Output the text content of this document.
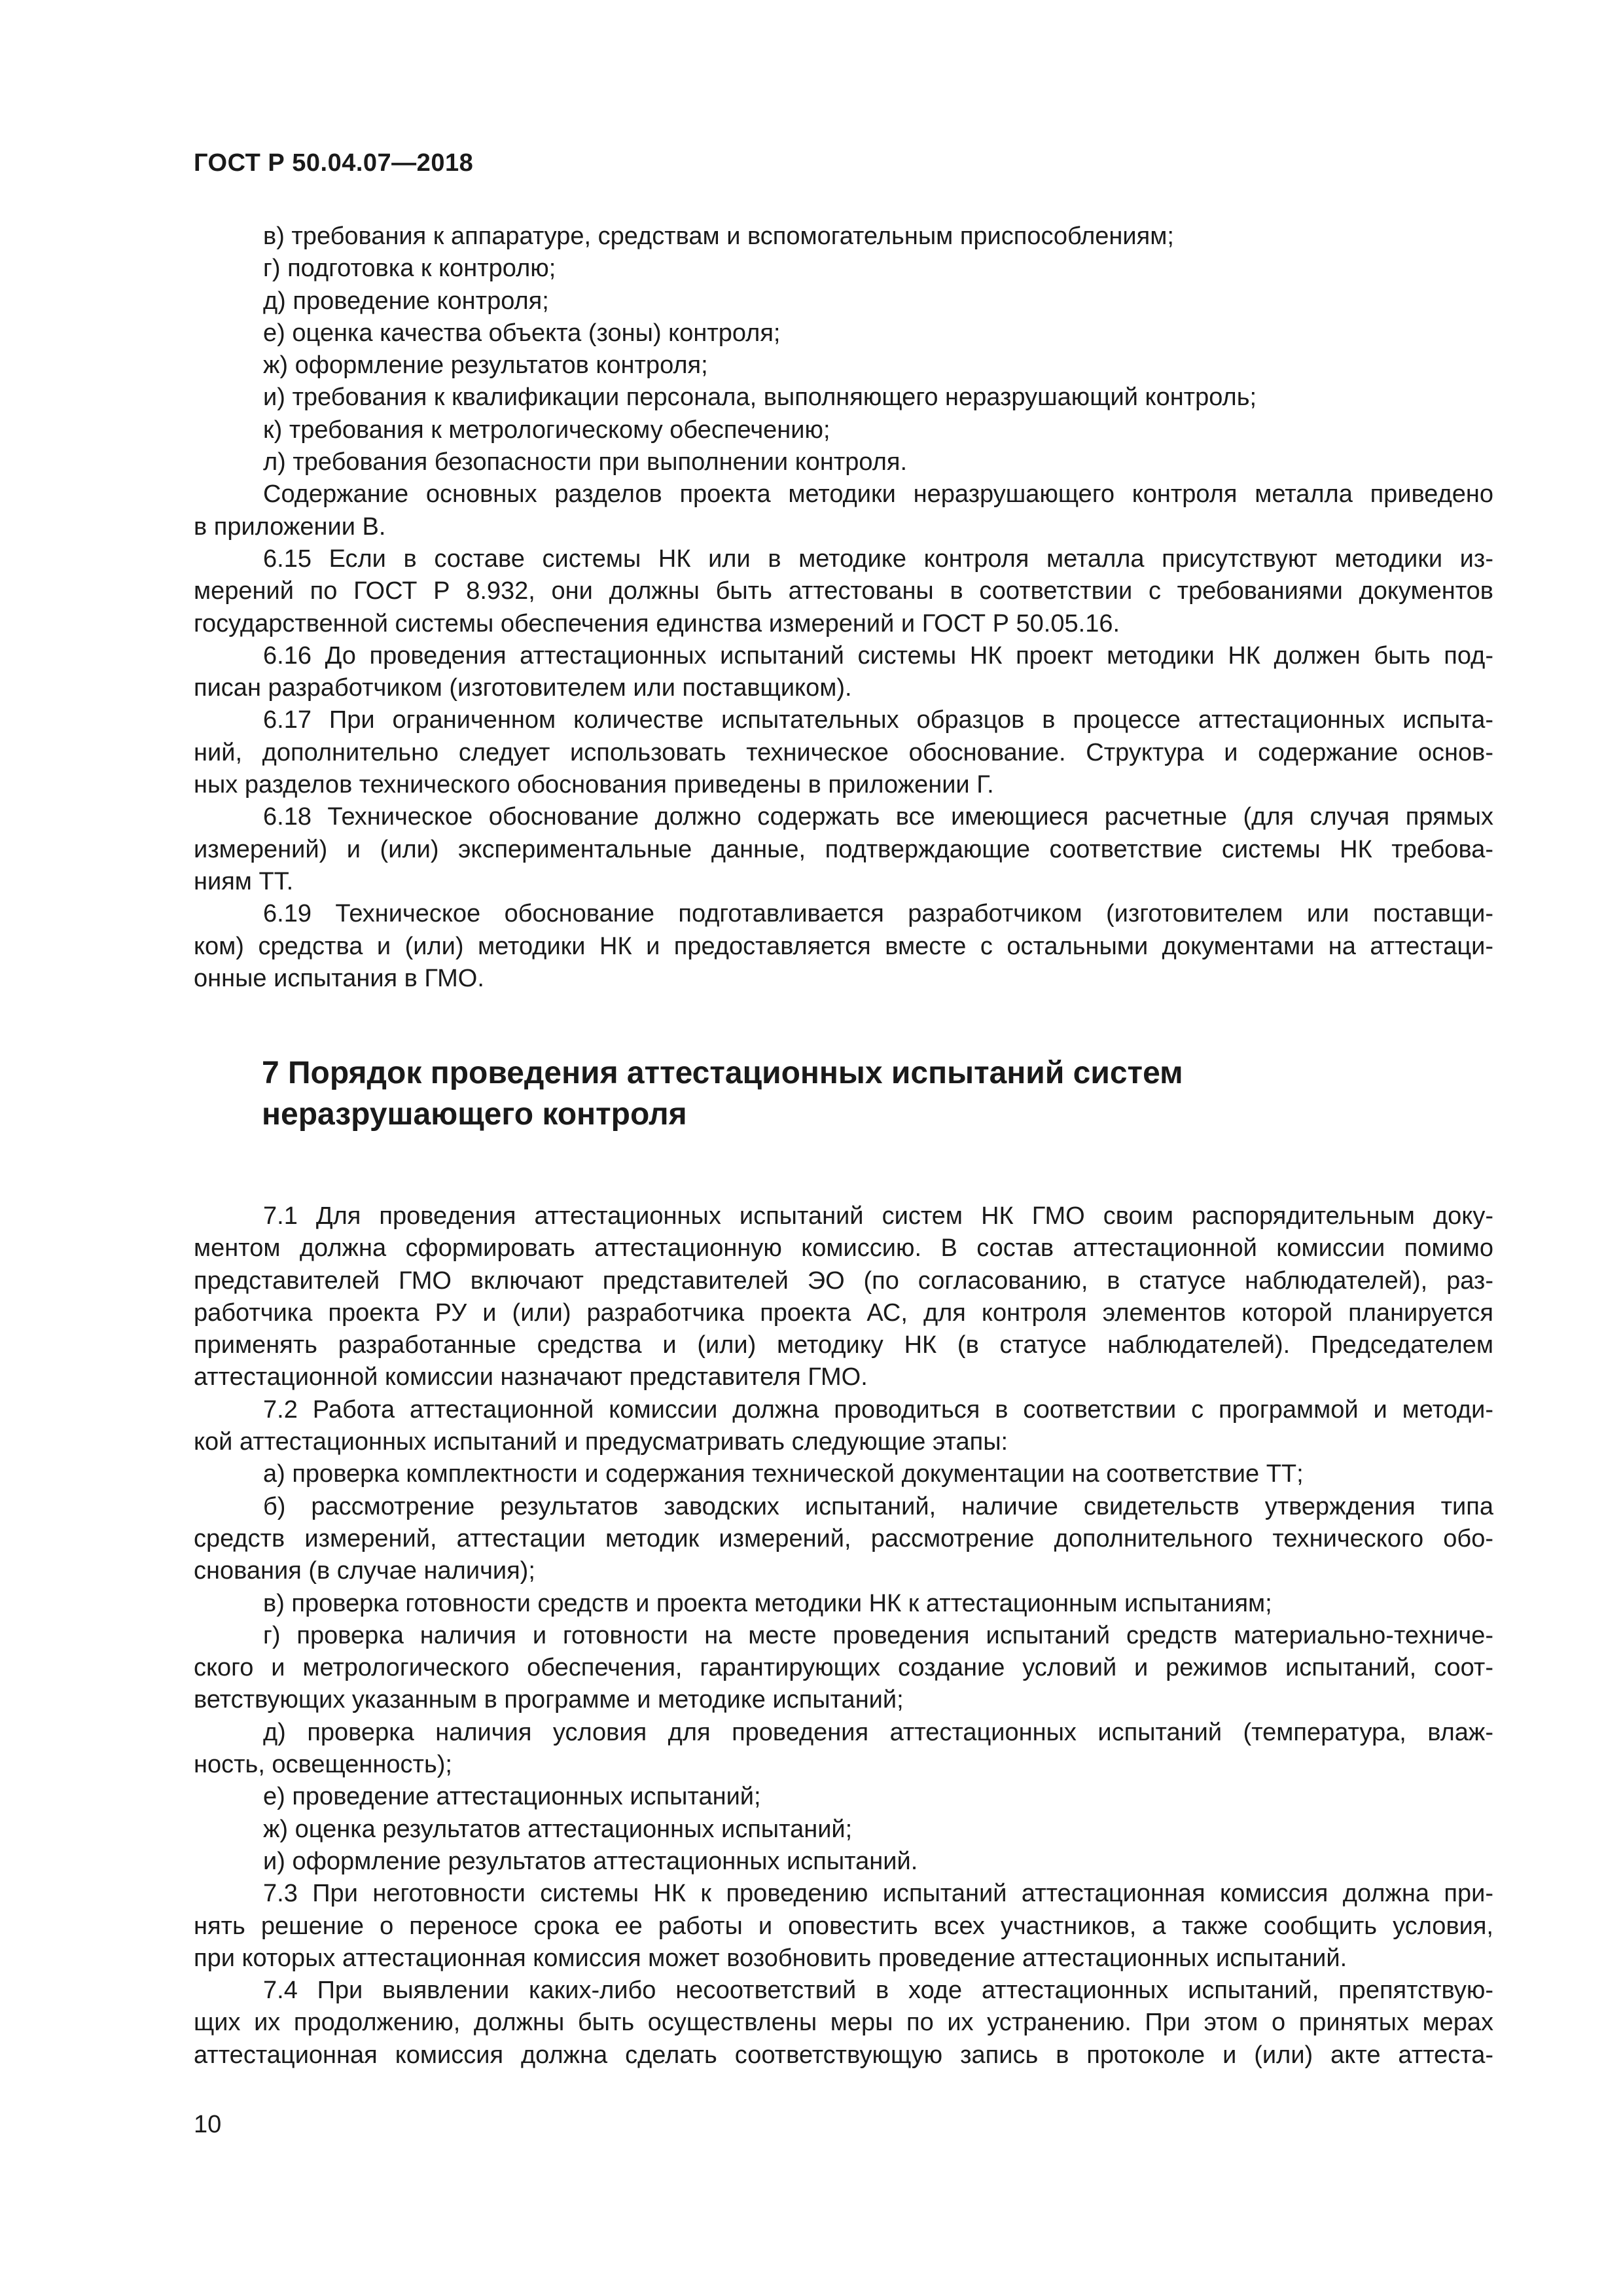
ГОСТ Р 50.04.07—2018
в) требования к аппаратуре, средствам и вспомогательным приспособлениям;
г) подготовка к контролю;
д) проведение контроля;
е) оценка качества объекта (зоны) контроля;
ж) оформление результатов контроля;
и) требования к квалификации персонала, выполняющего неразрушающий контроль;
к) требования к метрологическому обеспечению;
л) требования безопасности при выполнении контроля.
Содержание основных разделов проекта методики неразрушающего контроля металла приведено
в приложении В.
6.15 Если в составе системы НК или в методике контроля металла присутствуют методики из-
мерений по ГОСТ Р 8.932, они должны быть аттестованы в соответствии с требованиями документов
государственной системы обеспечения единства измерений и ГОСТ Р 50.05.16.
6.16 До проведения аттестационных испытаний системы НК проект методики НК должен быть под-
писан разработчиком (изготовителем или поставщиком).
6.17 При ограниченном количестве испытательных образцов в процессе аттестационных испыта-
ний, дополнительно следует использовать техническое обоснование. Структура и содержание основ-
ных разделов технического обоснования приведены в приложении Г.
6.18 Техническое обоснование должно содержать все имеющиеся расчетные (для случая прямых
измерений) и (или) экспериментальные данные, подтверждающие соответствие системы НК требова-
ниям ТТ.
6.19 Техническое обоснование подготавливается разработчиком (изготовителем или поставщи-
ком) средства и (или) методики НК и предоставляется вместе с остальными документами на аттестаци-
онные испытания в ГМО.
7 Порядок проведения аттестационных испытаний систем
неразрушающего контроля
7.1 Для проведения аттестационных испытаний систем НК ГМО своим распорядительным доку-
ментом должна сформировать аттестационную комиссию. В состав аттестационной комиссии помимо
представителей ГМО включают представителей ЭО (по согласованию, в статусе наблюдателей), раз-
работчика проекта РУ и (или) разработчика проекта АС, для контроля элементов которой планируется
применять разработанные средства и (или) методику НК (в статусе наблюдателей). Председателем
аттестационной комиссии назначают представителя ГМО.
7.2 Работа аттестационной комиссии должна проводиться в соответствии с программой и методи-
кой аттестационных испытаний и предусматривать следующие этапы:
а) проверка комплектности и содержания технической документации на соответствие ТТ;
б) рассмотрение результатов заводских испытаний, наличие свидетельств утверждения типа
средств измерений, аттестации методик измерений, рассмотрение дополнительного технического обо-
снования (в случае наличия);
в) проверка готовности средств и проекта методики НК к аттестационным испытаниям;
г) проверка наличия и готовности на месте проведения испытаний средств материально-техниче-
ского и метрологического обеспечения, гарантирующих создание условий и режимов испытаний, соот-
ветствующих указанным в программе и методике испытаний;
д) проверка наличия условия для проведения аттестационных испытаний (температура, влаж-
ность, освещенность);
е) проведение аттестационных испытаний;
ж) оценка результатов аттестационных испытаний;
и) оформление результатов аттестационных испытаний.
7.3 При неготовности системы НК к проведению испытаний аттестационная комиссия должна при-
нять решение о переносе срока ее работы и оповестить всех участников, а также сообщить условия,
при которых аттестационная комиссия может возобновить проведение аттестационных испытаний.
7.4 При выявлении каких-либо несоответствий в ходе аттестационных испытаний, препятствую-
щих их продолжению, должны быть осуществлены меры по их устранению. При этом о принятых мерах
аттестационная комиссия должна сделать соответствующую запись в протоколе и (или) акте аттеста-
10
